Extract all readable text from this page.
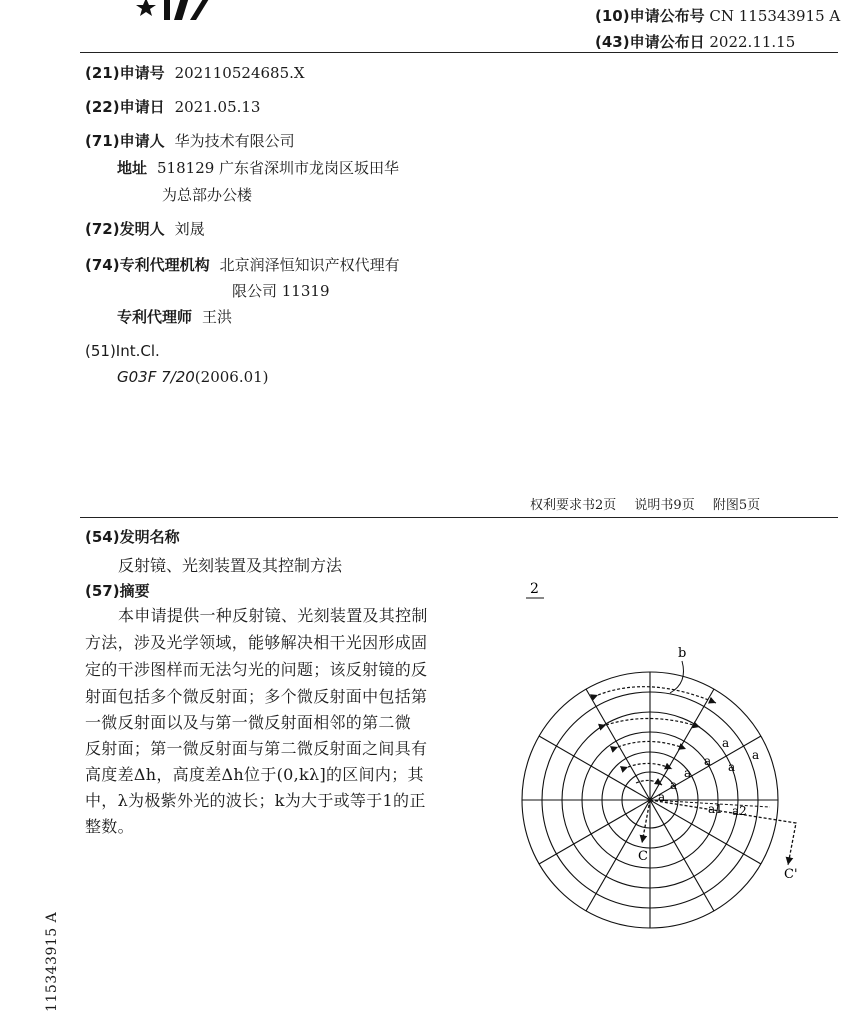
(10)申请公布号 CN 115343915 A
(43)申请公布日 2022.11.15
(21)申请号 202110524685.X
(22)申请日 2021.05.13
(71)申请人 华为技术有限公司
地址 518129 广东省深圳市龙岗区坂田华
为总部办公楼
(72)发明人 刘晟
(74)专利代理机构 北京润泽恒知识产权代理有
限公司 11319
专利代理师 王洪
(51)Int.Cl.
G03F 7/20(2006.01)
权利要求书2页 说明书9页 附图5页
(54)发明名称
反射镜、光刻装置及其控制方法
(57)摘要
本申请提供一种反射镜、光刻装置及其控制
方法，涉及光学领域，能够解决相干光因形成固
定的干涉图样而无法匀光的问题；该反射镜的反
射面包括多个微反射面；多个微反射面中包括第
一微反射面以及与第一微反射面相邻的第二微
反射面；第一微反射面与第二微反射面之间具有
高度差Δh，高度差Δh位于(0,kλ]的区间内；其
中，λ为极紫外光的波长；k为大于或等于1的正
整数。
2
b
a
a
a
a
a
a
a
a1 a2
C
C'
115343915 A
